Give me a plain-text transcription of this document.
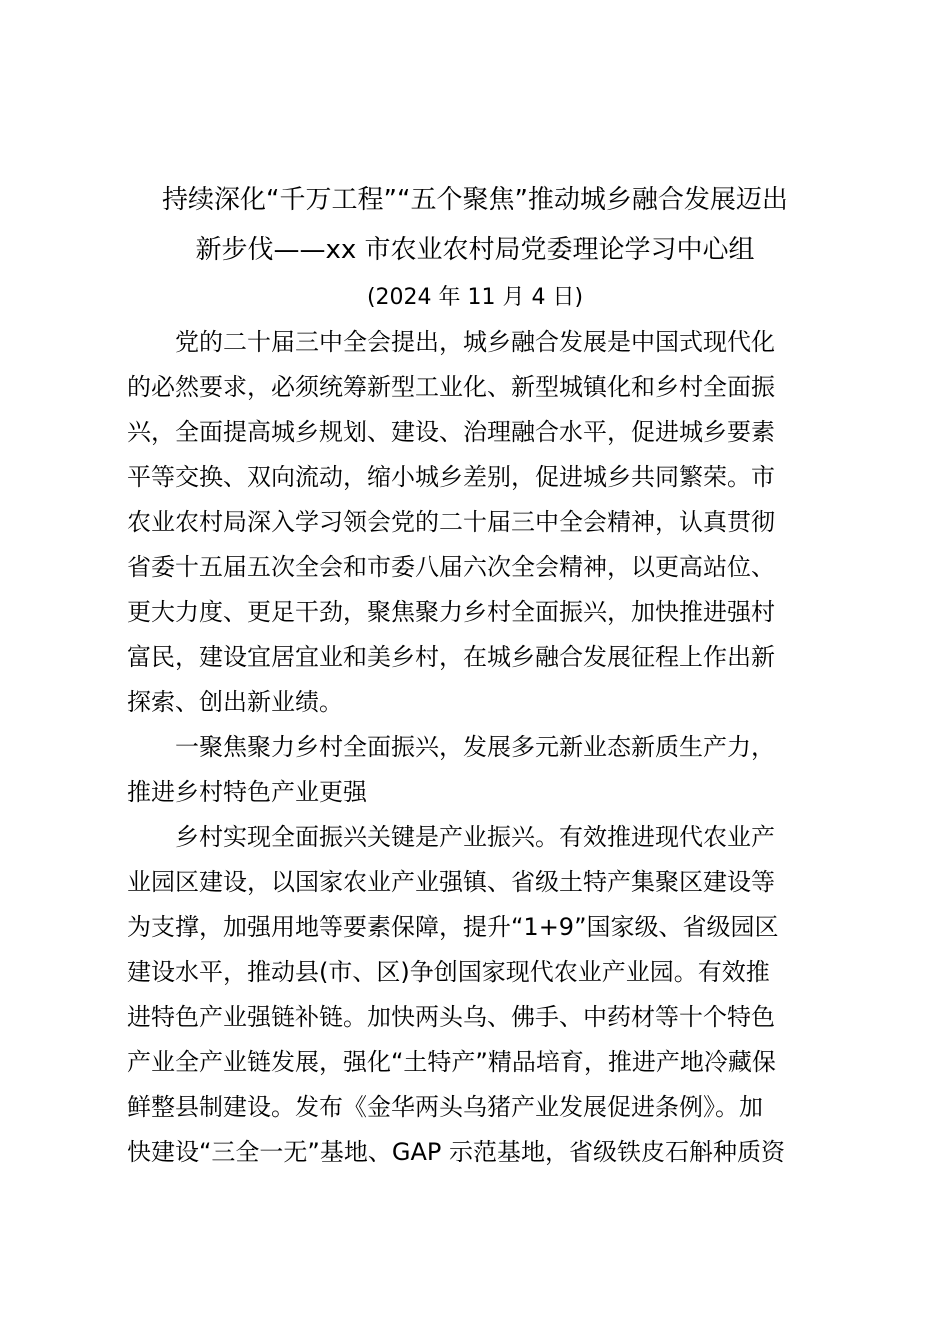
持续深化“千万工程”“五个聚焦”推动城乡融合发展迈出
新步伐——xx 市农业农村局党委理论学习中心组
(2024 年 11 月 4 日)

党的二十届三中全会提出，城乡融合发展是中国式现代化

的必然要求，必须统筹新型工业化、新型城镇化和乡村全面振

兴，全面提高城乡规划、建设、治理融合水平，促进城乡要素

平等交换、双向流动，缩小城乡差别，促进城乡共同繁荣。市

农业农村局深入学习领会党的二十届三中全会精神，认真贯彻

省委十五届五次全会和市委八届六次全会精神，以更高站位、

更大力度、更足干劲，聚焦聚力乡村全面振兴，加快推进强村

富民，建设宜居宜业和美乡村，在城乡融合发展征程上作出新

探索、创出新业绩。

一聚焦聚力乡村全面振兴，发展多元新业态新质生产力，

推进乡村特色产业更强

乡村实现全面振兴关键是产业振兴。有效推进现代农业产

业园区建设，以国家农业产业强镇、省级土特产集聚区建设等

为支撑，加强用地等要素保障，提升“1+9”国家级、省级园区

建设水平，推动县(市、区)争创国家现代农业产业园。有效推

进特色产业强链补链。加快两头乌、佛手、中药材等十个特色

产业全产业链发展，强化“土特产”精品培育，推进产地冷藏保

鲜整县制建设。发布《金华两头乌猪产业发展促进条例》。加

快建设“三全一无”基地、GAP 示范基地，省级铁皮石斛种质资
